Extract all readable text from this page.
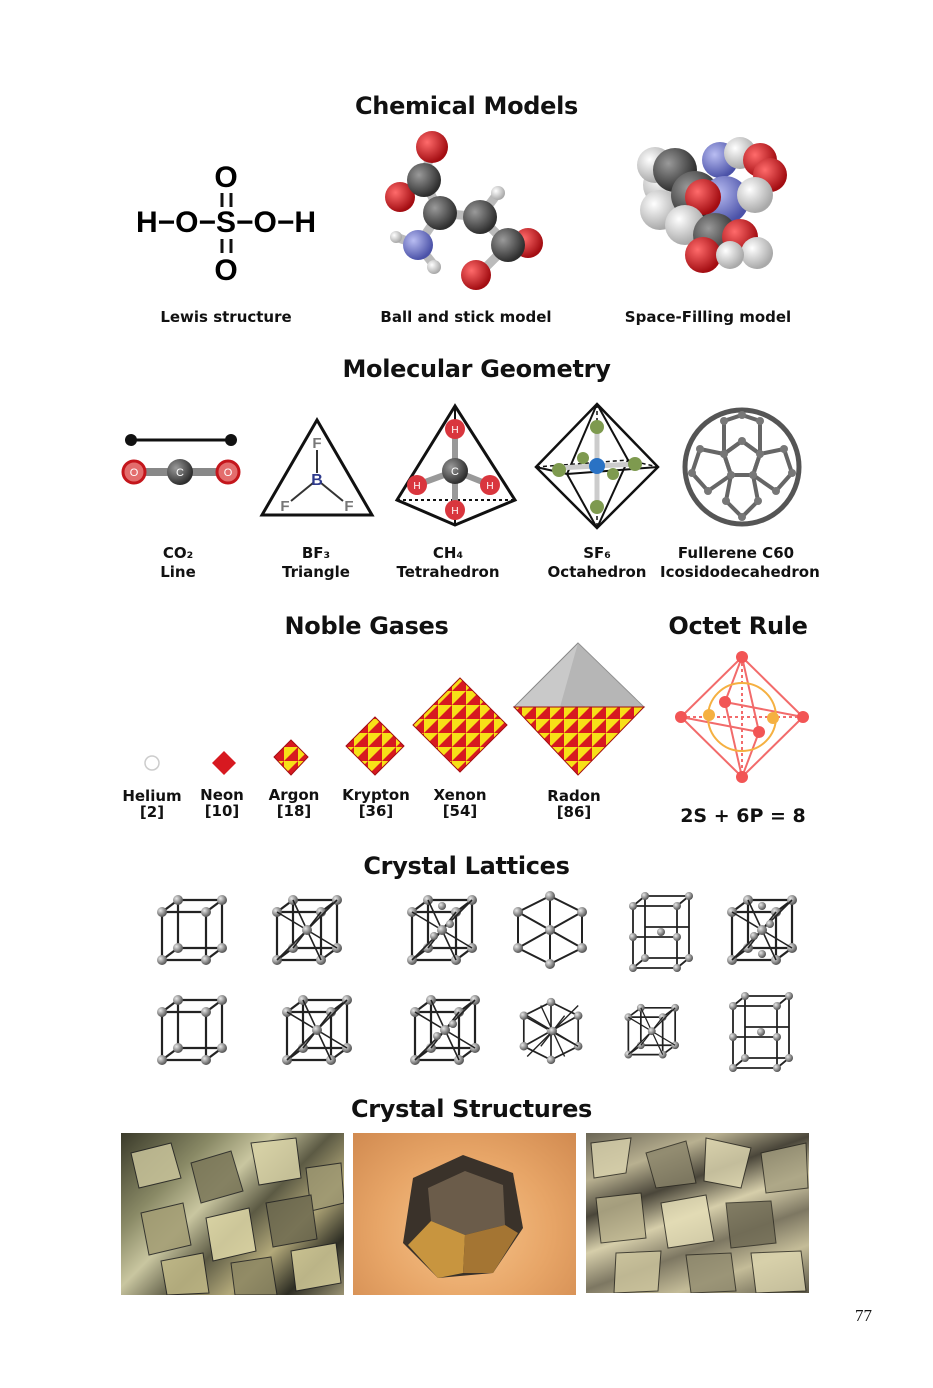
Chemical Models
O
H−O−S−O−H
O
Lewis structure	Ball and stick model	Space-Filling model
Molecular Geometry
O	C	O
F
B
F	F
H
H	H
H
C
CO₂
Line
BF₃
Triangle
CH₄
Tetrahedron
SF₆
Octahedron
Fullerene C60
Icosidodecahedron
Noble Gases	Octet Rule
Helium
[2]
Neon
[10]
Argon
[18]
Krypton
[36]
Xenon
[54]
Radon
[86]	2S + 6P = 8
Crystal Lattices
Crystal Structures
77
